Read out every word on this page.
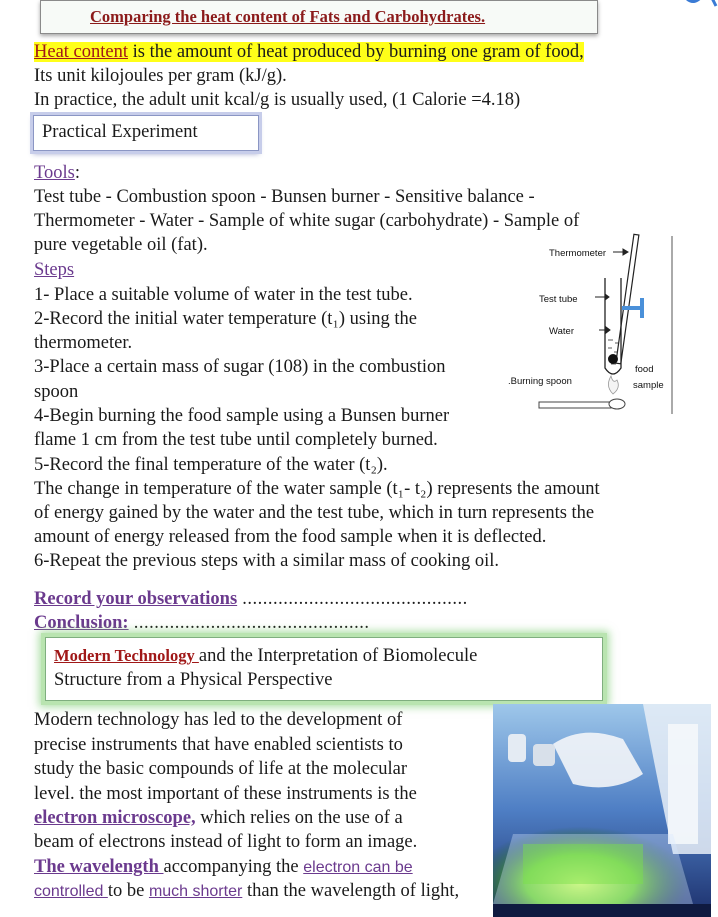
Comparing the heat content of Fats and Carbohydrates.
Heat content is the amount of heat produced by burning one gram of food,
Its unit kilojoules per gram (kJ/g).
In practice, the adult unit kcal/g is usually used, (1 Calorie =4.18)
Practical Experiment
Tools:
Test tube - Combustion spoon - Bunsen burner - Sensitive balance -
Thermometer - Water - Sample of white sugar (carbohydrate) - Sample of
pure vegetable oil (fat).
Steps
1- Place a suitable volume of water in the test tube.
2-Record the initial water temperature (t₁) using the
thermometer.
3-Place a certain mass of sugar (108) in the combustion
spoon
4-Begin burning the food sample using a Bunsen burner
flame 1 cm from the test tube until completely burned.
5-Record the final temperature of the water (t₂).
The change in temperature of the water sample (t₁- t₂) represents the amount
of energy gained by the water and the test tube, which in turn represents the
amount of energy released from the food sample when it is deflected.
6-Repeat the previous steps with a similar mass of cooking oil.
Record your observations ............................................
Conclusion: ..............................................
Thermometer
Test tube
Water
.Burning spoon
food
sample
Modern Technology and the Interpretation of Biomolecule
Structure from a Physical Perspective
Modern technology has led to the development of
precise instruments that have enabled scientists to
study the basic compounds of life at the molecular
level. the most important of these instruments is the
electron microscope, which relies on the use of a
beam of electrons instead of light to form an image.
The wavelength accompanying the electron can be
controlled to be much shorter than the wavelength of light,
